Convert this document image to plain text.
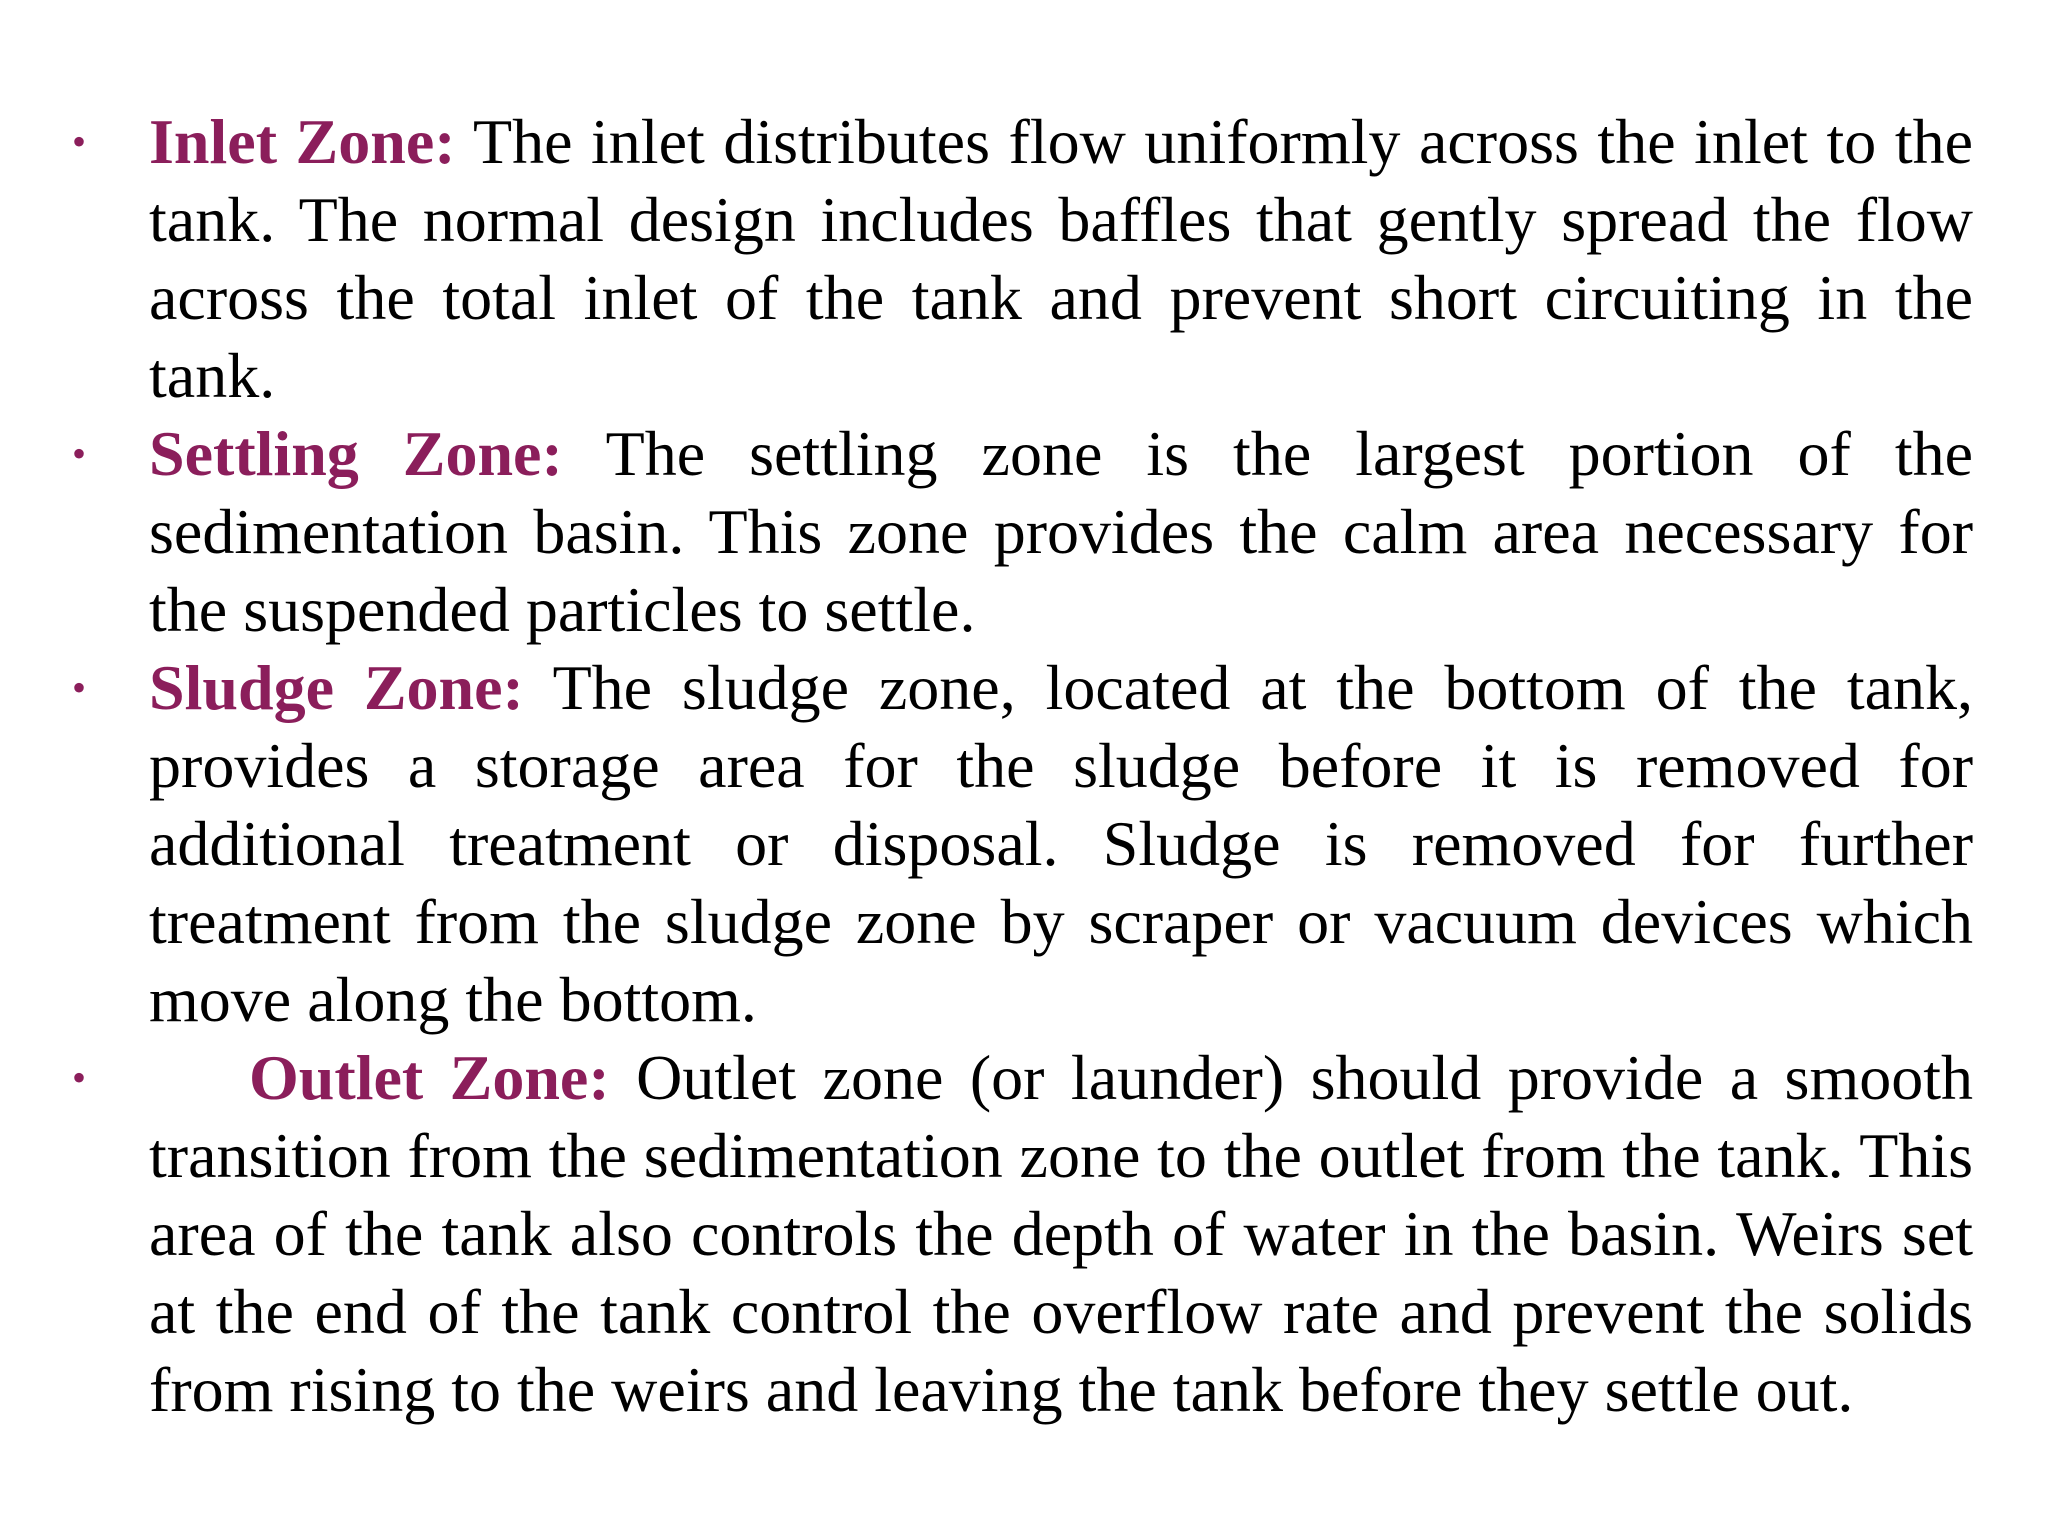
• Inlet Zone: The inlet distributes flow uniformly across the inlet to the tank. The normal design includes baffles that gently spread the flow across the total inlet of the tank and prevent short circuiting in the tank.
• Settling Zone: The settling zone is the largest portion of the sedimentation basin. This zone provides the calm area necessary for the suspended particles to settle.
• Sludge Zone: The sludge zone, located at the bottom of the tank, provides a storage area for the sludge before it is removed for additional treatment or disposal. Sludge is removed for further treatment from the sludge zone by scraper or vacuum devices which move along the bottom.
•	Outlet Zone: Outlet zone (or launder) should provide a smooth transition from the sedimentation zone to the outlet from the tank. This area of the tank also controls the depth of water in the basin. Weirs set at the end of the tank control the overflow rate and prevent the solids from rising to the weirs and leaving the tank before they settle out.
